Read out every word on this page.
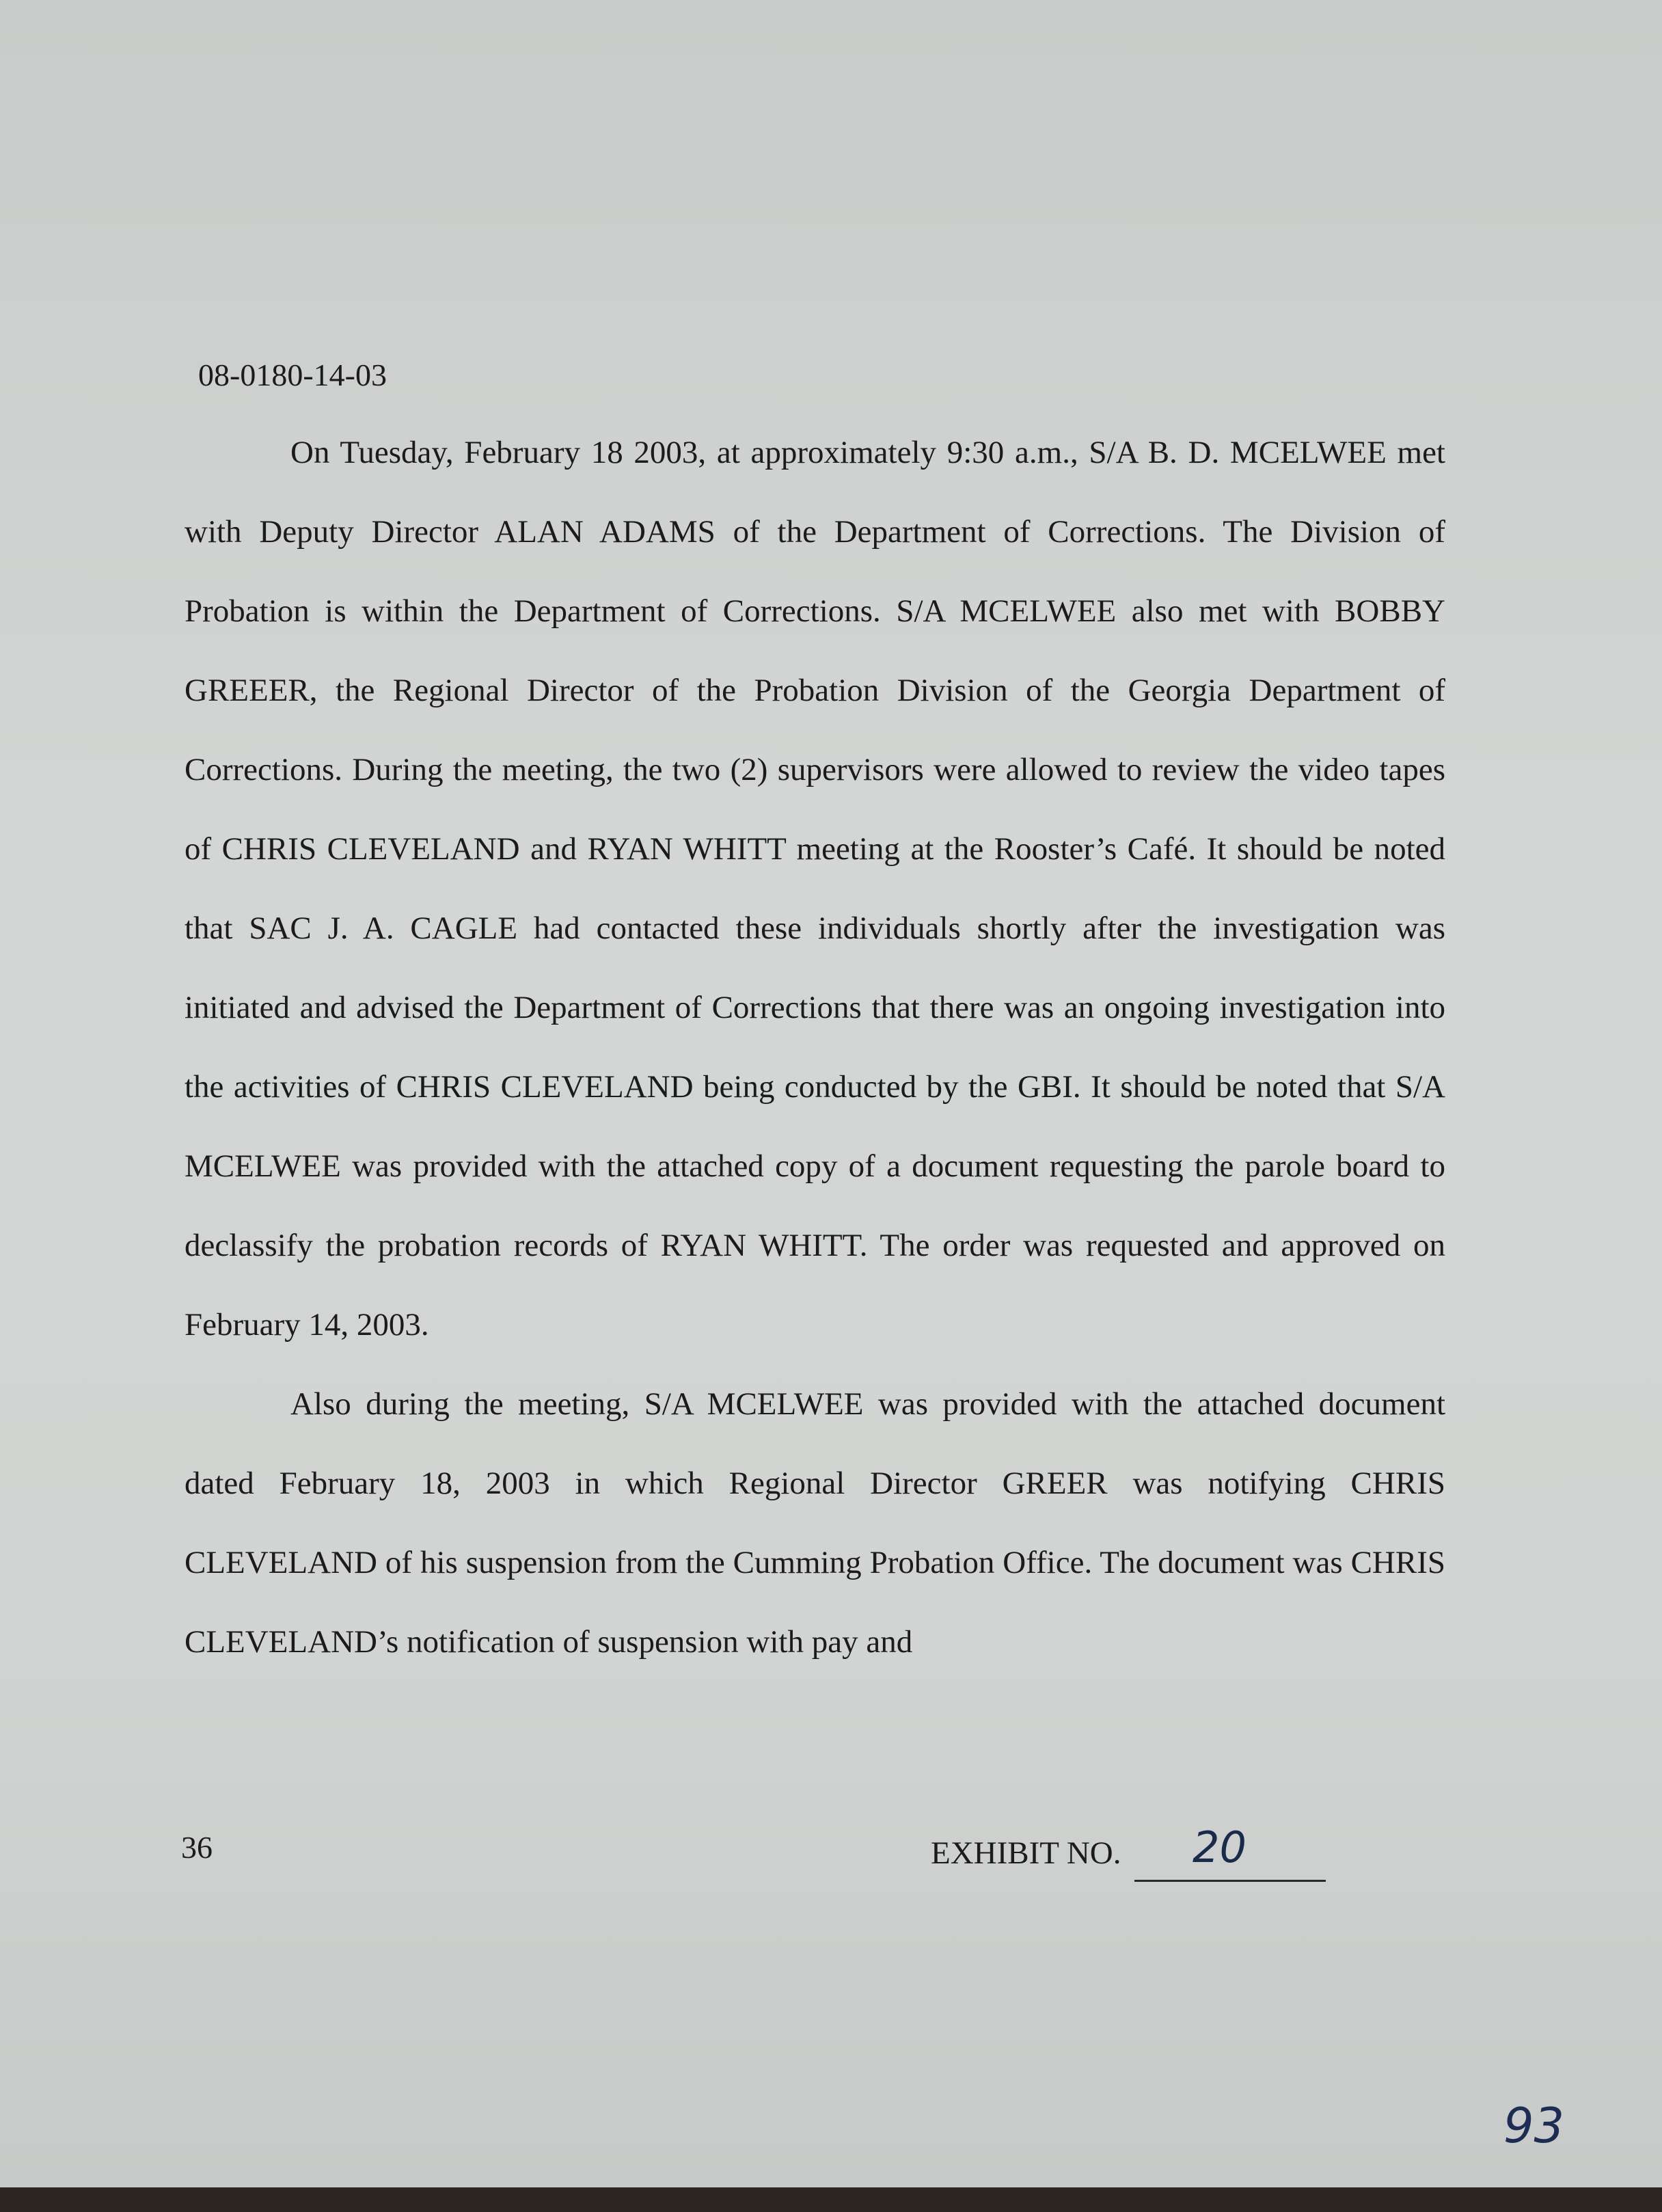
08-0180-14-03

On Tuesday, February 18 2003, at approximately 9:30 a.m., S/A B. D. MCELWEE met with Deputy Director ALAN ADAMS of the Department of Corrections. The Division of Probation is within the Department of Corrections. S/A MCELWEE also met with BOBBY GREEER, the Regional Director of the Probation Division of the Georgia Department of Corrections. During the meeting, the two (2) supervisors were allowed to review the video tapes of CHRIS CLEVELAND and RYAN WHITT meeting at the Rooster’s Café. It should be noted that SAC J. A. CAGLE had contacted these individuals shortly after the investigation was initiated and advised the Department of Corrections that there was an ongoing investigation into the activities of CHRIS CLEVELAND being conducted by the GBI. It should be noted that S/A MCELWEE was provided with the attached copy of a document requesting the parole board to declassify the probation records of RYAN WHITT. The order was requested and approved on February 14, 2003.

Also during the meeting, S/A MCELWEE was provided with the attached document dated February 18, 2003 in which Regional Director GREER was notifying CHRIS CLEVELAND of his suspension from the Cumming Probation Office. The document was CHRIS CLEVELAND’s notification of suspension with pay and

36	EXHIBIT NO. 20
93
